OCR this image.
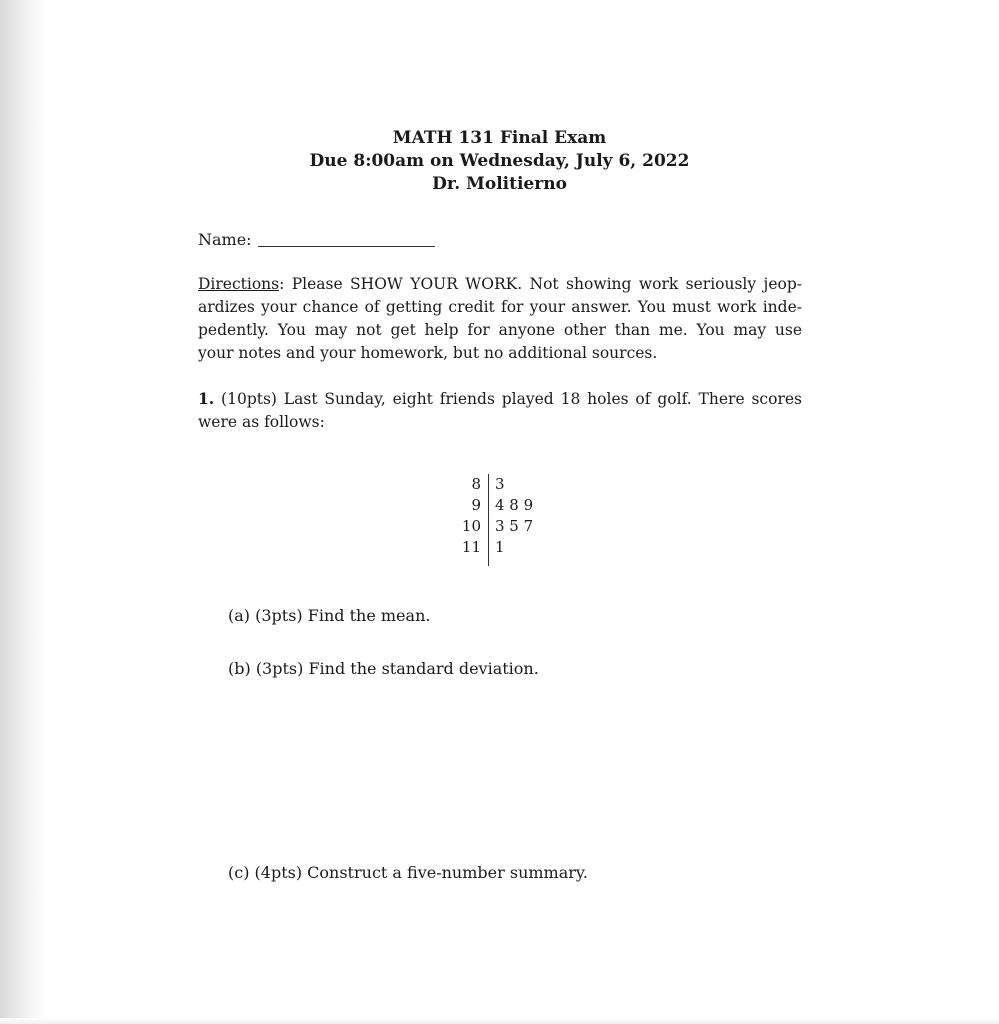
MATH 131 Final Exam
Due 8:00am on Wednesday, July 6, 2022
Dr. Molitierno
Name:
Directions: Please SHOW YOUR WORK. Not showing work seriously jeop-
ardizes your chance of getting credit for your answer. You must work inde-
pedently. You may not get help for anyone other than me. You may use
your notes and your homework, but no additional sources.
1. (10pts) Last Sunday, eight friends played 18 holes of golf. There scores
were as follows:
8
9
10
11
3
4 8 9
3 5 7
1
(a) (3pts) Find the mean.
(b) (3pts) Find the standard deviation.
(c) (4pts) Construct a five-number summary.
